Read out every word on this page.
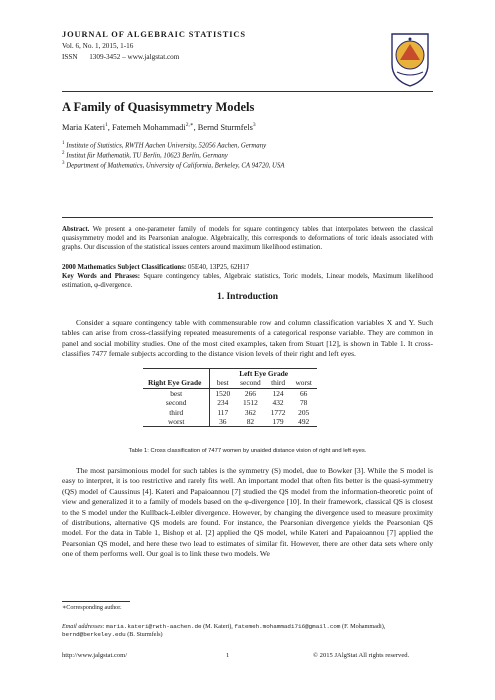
JOURNAL OF ALGEBRAIC STATISTICS
Vol. 6, No. 1, 2015, 1-16
ISSN 1309-3452 – www.jalgstat.com
A Family of Quasisymmetry Models
Maria Kateri$^1$, Fatemeh Mohammadi$^{2,∗}$, Bernd Sturmfels$^3$
$^1$ Institute of Statistics, RWTH Aachen University, 52056 Aachen, Germany
$^2$ Institut für Mathematik, TU Berlin, 10623 Berlin, Germany
$^3$ Department of Mathematics, University of California, Berkeley, CA 94720, USA
Abstract. We present a one-parameter family of models for square contingency tables that interpolates between the classical quasisymmetry model and its Pearsonian analogue. Algebraically, this corresponds to deformations of toric ideals associated with graphs. Our discussion of the statistical issues centers around maximum likelihood estimation.
2000 Mathematics Subject Classifications: 05E40, 13P25, 62H17
Key Words and Phrases: Square contingency tables, Algebraic statistics, Toric models, Linear models, Maximum likelihood estimation, φ-divergence.
1. Introduction
Consider a square contingency table with commensurable row and column classification variables X and Y. Such tables can arise from cross-classifying repeated measurements of a categorical response variable. They are common in panel and social mobility studies. One of the most cited examples, taken from Stuart [12], is shown in Table 1. It cross-classifies 7477 female subjects according to the distance vision levels of their right and left eyes.
	Left Eye Grade			
Right Eye Grade	best	second	third	worst
best	1520	266	124	66
second	234	1512	432	78
third	117	362	1772	205
worst	36	82	179	492
Table 1: Cross classification of 7477 women by unaided distance vision of right and left eyes.
The most parsimonious model for such tables is the symmetry (S) model, due to Bowker [3]. While the S model is easy to interpret, it is too restrictive and rarely fits well. An important model that often fits better is the quasi-symmetry (QS) model of Caussinus [4]. Kateri and Papaioannou [7] studied the QS model from the information-theoretic point of view and generalized it to a family of models based on the φ-divergence [10]. In their framework, classical QS is closest to the S model under the Kullback-Leibler divergence. However, by changing the divergence used to measure proximity of distributions, alternative QS models are found. For instance, the Pearsonian divergence yields the Pearsonian QS model. For the data in Table 1, Bishop et al. [2] applied the QS model, while Kateri and Papaioannou [7] applied the Pearsonian QS model, and here these two lead to estimates of similar fit. However, there are other data sets where only one of them performs well. Our goal is to link these two models. We
∗Corresponding author.
Email addresses: maria.kateri@rwth-aachen.de (M. Kateri), fatemeh.mohammadi716@gmail.com (F. Mohammadi), bernd@berkeley.edu (B. Sturmfels)
http://www.jalgstat.com/	1	© 2015 JAlgStat All rights reserved.
